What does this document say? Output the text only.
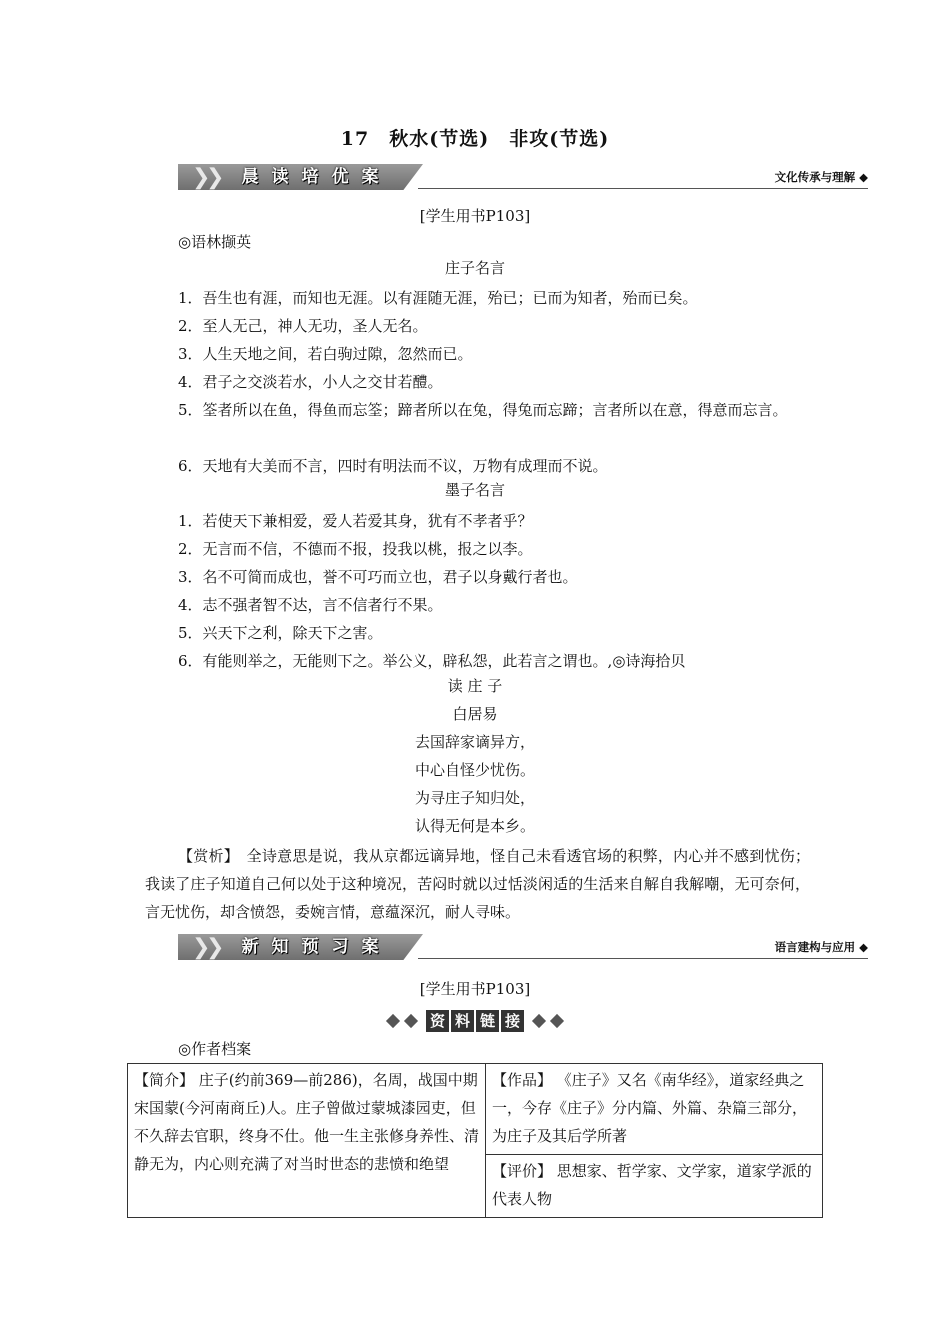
17　秋水(节选)　非攻(节选)
❯
❯ 晨 读 培 优 案	文化传承与理解 ◆
[学生用书P103]
◎语林撷英
庄子名言
1．吾生也有涯，而知也无涯。以有涯随无涯，殆已；已而为知者，殆而已矣。
2．至人无己，神人无功，圣人无名。
3．人生天地之间，若白驹过隙，忽然而已。
4．君子之交淡若水，小人之交甘若醴。
5．筌者所以在鱼，得鱼而忘筌；蹄者所以在兔，得兔而忘蹄；言者所以在意，得意而忘言。
6．天地有大美而不言，四时有明法而不议，万物有成理而不说。
墨子名言
1．若使天下兼相爱，爱人若爱其身，犹有不孝者乎？
2．无言而不信，不德而不报，投我以桃，报之以李。
3．名不可简而成也，誉不可巧而立也，君子以身戴行者也。
4．志不强者智不达，言不信者行不果。
5．兴天下之利，除天下之害。
6．有能则举之，无能则下之。举公义，辟私怨，此若言之谓也。,◎诗海拾贝
读 庄 子
白居易
去国辞家谪异方，
中心自怪少忧伤。
为寻庄子知归处，
认得无何是本乡。
【赏析】　全诗意思是说，我从京都远谪异地，怪自己未看透官场的积弊，内心并不感到忧伤；我读了庄子知道自己何以处于这种境况，苦闷时就以过恬淡闲适的生活来自解自我解嘲，无可奈何，言无忧伤，却含愤怨，委婉言情，意蕴深沉，耐人寻味。
❯
❯ 新 知 预 习 案	语言建构与应用 ◆
[学生用书P103]
资 料 链 接
◎作者档案
【简介】 庄子(约前369—前286)，名周，战国中期宋国蒙(今河南商丘)人。庄子曾做过蒙城漆园吏，但不久辞去官职，终身不仕。他一生主张修身养性、清静无为，内心则充满了对当时世态的悲愤和绝望	【作品】 《庄子》又名《南华经》，道家经典之一，今存《庄子》分内篇、外篇、杂篇三部分，为庄子及其后学所著
【评价】 思想家、哲学家、文学家，道家学派的代表人物
